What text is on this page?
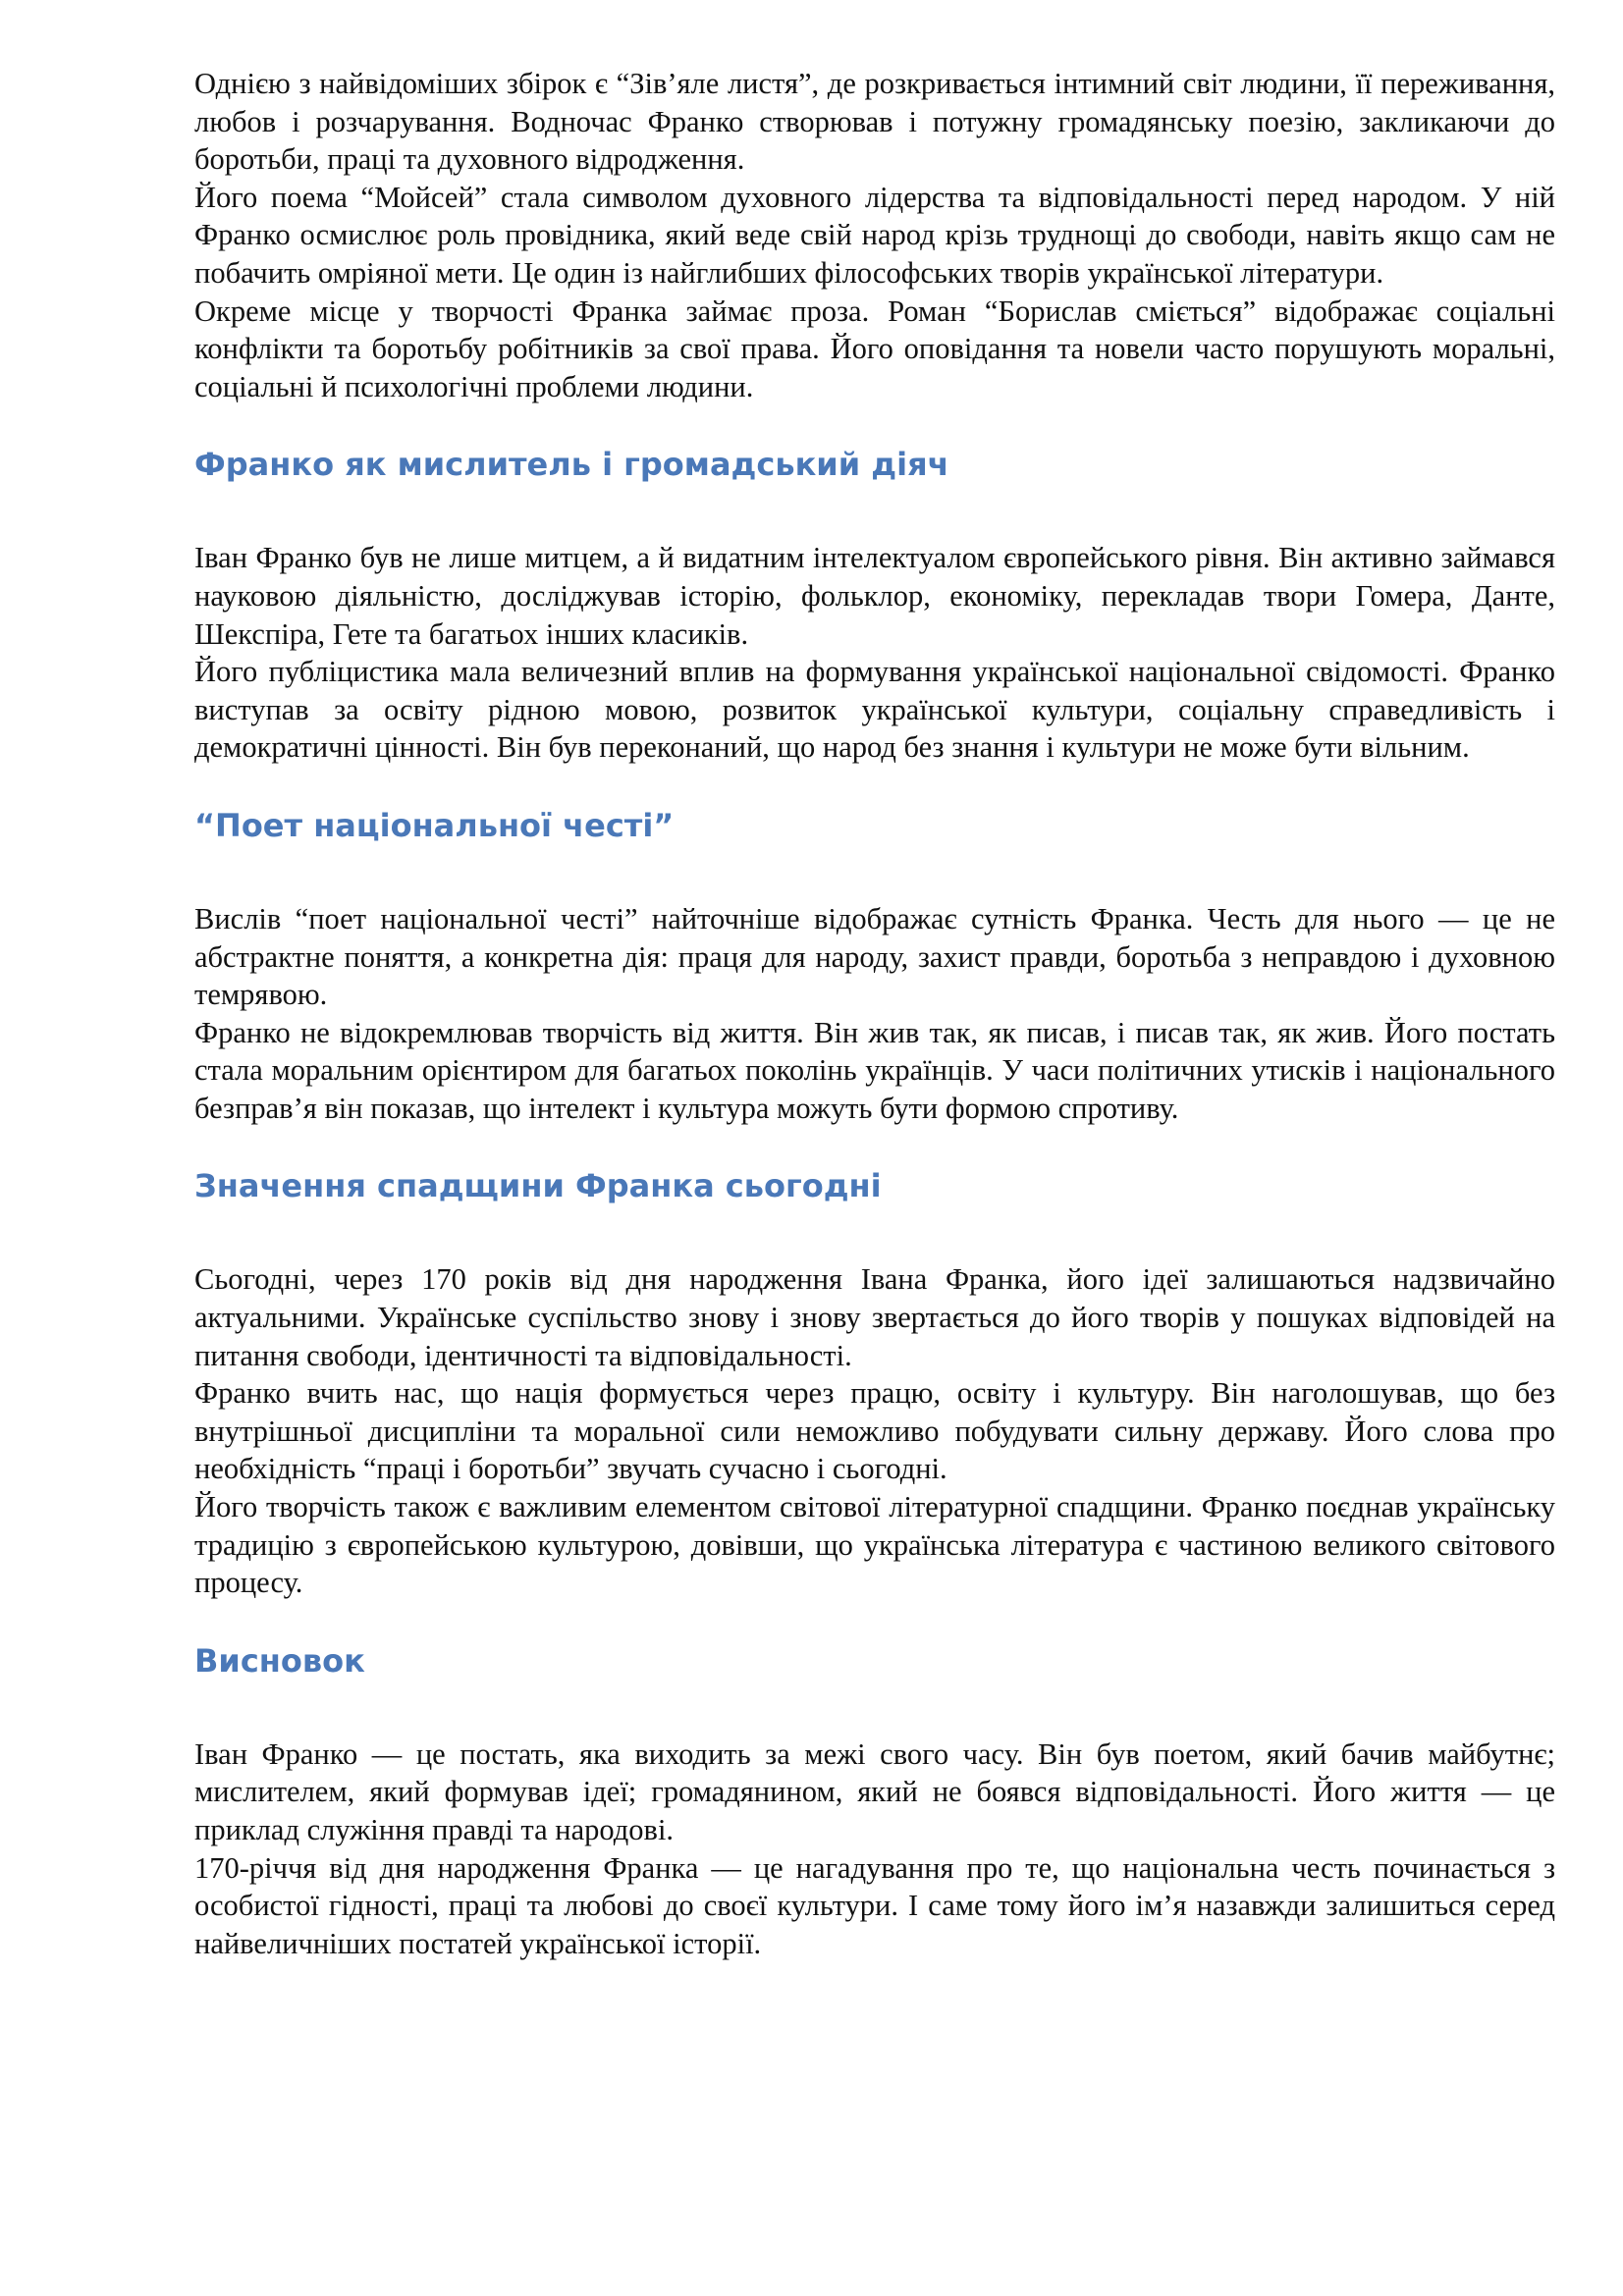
Однією з найвідоміших збірок є “Зів’яле листя”, де розкривається інтимний світ людини, її переживання, любов і розчарування. Водночас Франко створював і потужну громадянську поезію, закликаючи до боротьби, праці та духовного відродження.

Його поема “Мойсей” стала символом духовного лідерства та відповідальності перед народом. У ній Франко осмислює роль провідника, який веде свій народ крізь труднощі до свободи, навіть якщо сам не побачить омріяної мети. Це один із найглибших філософських творів української літератури.

Окреме місце у творчості Франка займає проза. Роман “Борислав сміється” відображає соціальні конфлікти та боротьбу робітників за свої права. Його оповідання та новели часто порушують моральні, соціальні й психологічні проблеми людини.

Франко як мислитель і громадський діяч

Іван Франко був не лише митцем, а й видатним інтелектуалом європейського рівня. Він активно займався науковою діяльністю, досліджував історію, фольклор, економіку, перекладав твори Гомера, Данте, Шекспіра, Гете та багатьох інших класиків.

Його публіцистика мала величезний вплив на формування української національної свідомості. Франко виступав за освіту рідною мовою, розвиток української культури, соціальну справедливість і демократичні цінності. Він був переконаний, що народ без знання і культури не може бути вільним.

“Поет національної честі”

Вислів “поет національної честі” найточніше відображає сутність Франка. Честь для нього — це не абстрактне поняття, а конкретна дія: праця для народу, захист правди, боротьба з неправдою і духовною темрявою.

Франко не відокремлював творчість від життя. Він жив так, як писав, і писав так, як жив. Його постать стала моральним орієнтиром для багатьох поколінь українців. У часи політичних утисків і національного безправ’я він показав, що інтелект і культура можуть бути формою спротиву.

Значення спадщини Франка сьогодні

Сьогодні, через 170 років від дня народження Івана Франка, його ідеї залишаються надзвичайно актуальними. Українське суспільство знову і знову звертається до його творів у пошуках відповідей на питання свободи, ідентичності та відповідальності.

Франко вчить нас, що нація формується через працю, освіту і культуру. Він наголошував, що без внутрішньої дисципліни та моральної сили неможливо побудувати сильну державу. Його слова про необхідність “праці і боротьби” звучать сучасно і сьогодні.

Його творчість також є важливим елементом світової літературної спадщини. Франко поєднав українську традицію з європейською культурою, довівши, що українська література є частиною великого світового процесу.

Висновок

Іван Франко — це постать, яка виходить за межі свого часу. Він був поетом, який бачив майбутнє; мислителем, який формував ідеї; громадянином, який не боявся відповідальності. Його життя — це приклад служіння правді та народові.

170-річчя від дня народження Франка — це нагадування про те, що національна честь починається з особистої гідності, праці та любові до своєї культури. І саме тому його ім’я назавжди залишиться серед найвеличніших постатей української історії.
